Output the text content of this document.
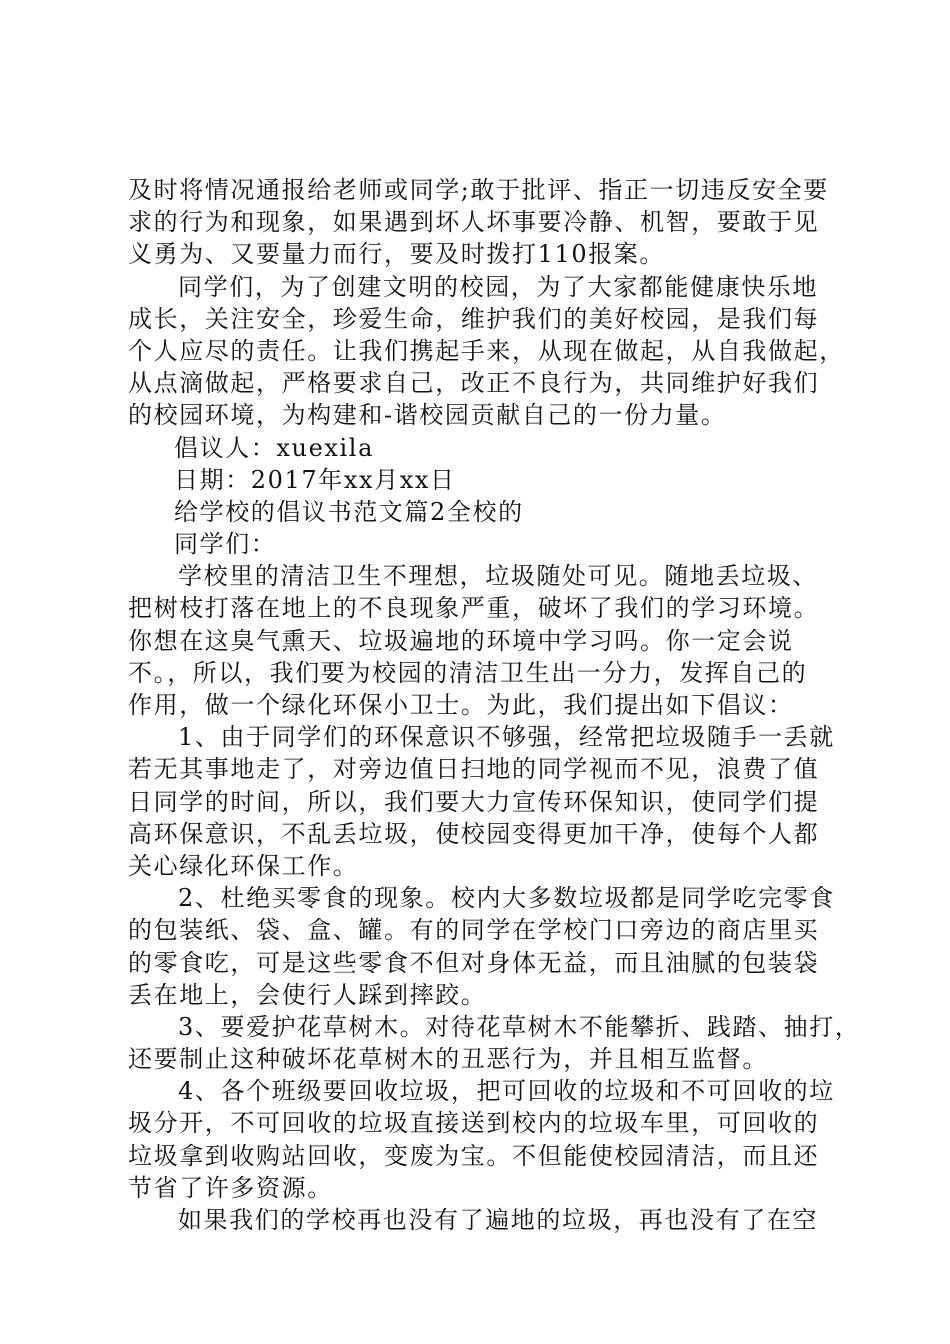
及时将情况通报给老师或同学;敢于批评、指正一切违反安全要
求的行为和现象，如果遇到坏人坏事要冷静、机智，要敢于见
义勇为、又要量力而行，要及时拨打110报案。
同学们，为了创建文明的校园，为了大家都能健康快乐地
成长，关注安全，珍爱生命，维护我们的美好校园，是我们每
个人应尽的责任。让我们携起手来，从现在做起，从自我做起，
从点滴做起，严格要求自己，改正不良行为，共同维护好我们
的校园环境，为构建和-谐校园贡献自己的一份力量。
倡议人：xuexila
日期：2017年xx月xx日
给学校的倡议书范文篇2全校的
同学们：
学校里的清洁卫生不理想，垃圾随处可见。随地丢垃圾、
把树枝打落在地上的不良现象严重，破坏了我们的学习环境。
你想在这臭气熏天、垃圾遍地的环境中学习吗。你一定会说
不。，所以，我们要为校园的清洁卫生出一分力，发挥自己的
作用，做一个绿化环保小卫士。为此，我们提出如下倡议：
1、由于同学们的环保意识不够强，经常把垃圾随手一丢就
若无其事地走了，对旁边值日扫地的同学视而不见，浪费了值
日同学的时间，所以，我们要大力宣传环保知识，使同学们提
高环保意识，不乱丢垃圾，使校园变得更加干净，使每个人都
关心绿化环保工作。
2、杜绝买零食的现象。校内大多数垃圾都是同学吃完零食
的包装纸、袋、盒、罐。有的同学在学校门口旁边的商店里买
的零食吃，可是这些零食不但对身体无益，而且油腻的包装袋
丢在地上，会使行人踩到摔跤。
3、要爱护花草树木。对待花草树木不能攀折、践踏、抽打，
还要制止这种破坏花草树木的丑恶行为，并且相互监督。
4、各个班级要回收垃圾，把可回收的垃圾和不可回收的垃
圾分开，不可回收的垃圾直接送到校内的垃圾车里，可回收的
垃圾拿到收购站回收，变废为宝。不但能使校园清洁，而且还
节省了许多资源。
如果我们的学校再也没有了遍地的垃圾，再也没有了在空
